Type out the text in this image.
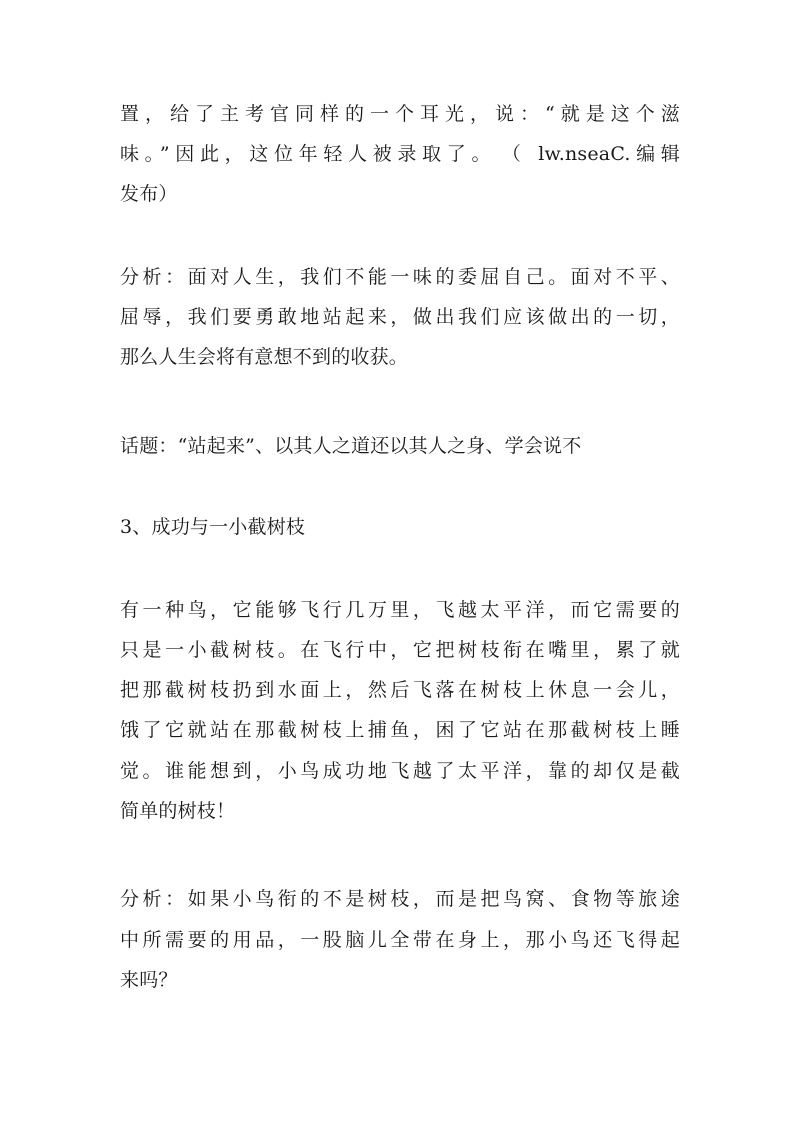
置，给了主考官同样的一个耳光，说：“就是这个滋
味。”因此，这位年轻人被录取了。　（ lw.nseaC.编辑
发布）
分析：面对人生，我们不能一味的委屈自己。面对不平、
屈辱，我们要勇敢地站起来，做出我们应该做出的一切，
那么人生会将有意想不到的收获。
话题：“站起来”、以其人之道还以其人之身、学会说不
3、成功与一小截树枝
有一种鸟，它能够飞行几万里，飞越太平洋，而它需要的
只是一小截树枝。在飞行中，它把树枝衔在嘴里，累了就
把那截树枝扔到水面上，然后飞落在树枝上休息一会儿，
饿了它就站在那截树枝上捕鱼，困了它站在那截树枝上睡
觉。谁能想到，小鸟成功地飞越了太平洋，靠的却仅是截
简单的树枝！
分析：如果小鸟衔的不是树枝，而是把鸟窝、食物等旅途
中所需要的用品，一股脑儿全带在身上，那小鸟还飞得起
来吗？
